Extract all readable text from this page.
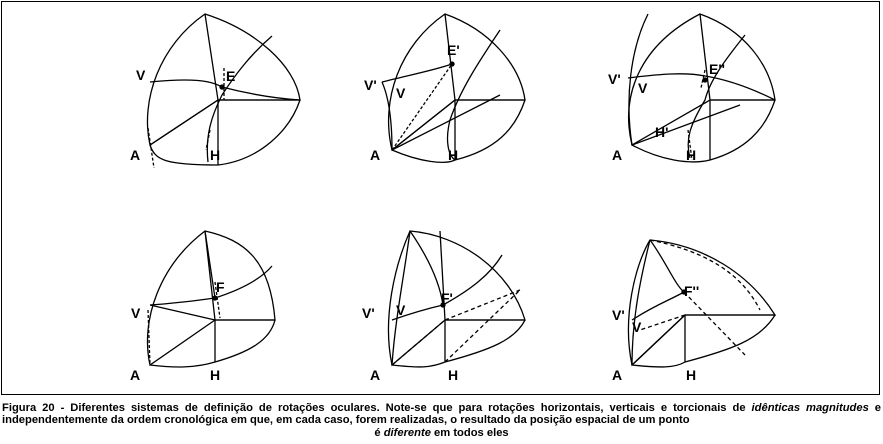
V	E
A	H
V' V
E'
A	H
V'
V
E''
H'
A	H
V
F
A	H
V' V
F'
A	H
V'
V
F''
A	H
Figura 20 - Diferentes sistemas de definição de rotações oculares. Note-se que para rotações horizontais, verticais e torcionais de idênticas magnitudes e independentemente da ordem cronológica em que, em cada caso, forem realizadas, o resultado da posição espacial de um ponto
é diferente em todos eles
